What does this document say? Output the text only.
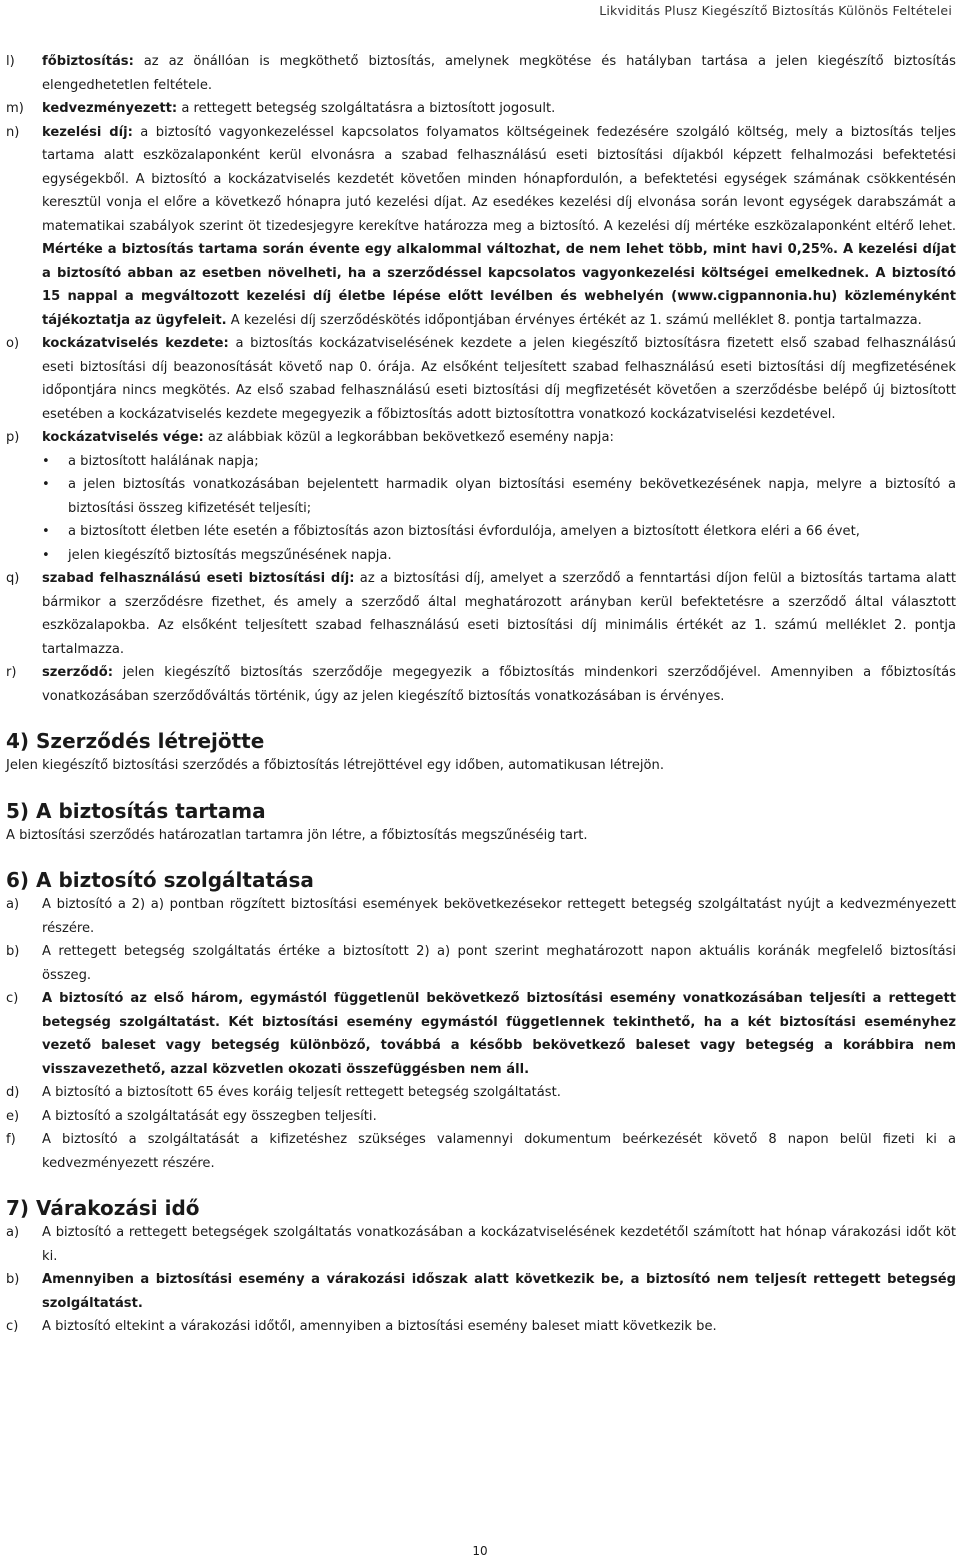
Likviditás Plusz Kiegészítő Biztosítás Különös Feltételei
l)	főbiztosítás: az az önállóan is megköthető biztosítás, amelynek megkötése és hatályban tartása a jelen kiegészítő biztosítás elengedhetetlen feltétele.
m)	kedvezményezett: a rettegett betegség szolgáltatásra a biztosított jogosult.
n)	kezelési díj: a biztosító vagyonkezeléssel kapcsolatos folyamatos költségeinek fedezésére szolgáló költség, mely a biztosítás teljes tartama alatt eszközalaponként kerül elvonásra a szabad felhasználású eseti biztosítási díjakból képzett felhalmozási befektetési egységekből. A biztosító a kockázatviselés kezdetét követően minden hónapfordulón, a befektetési egységek számának csökkentésén keresztül vonja el előre a következő hónapra jutó kezelési díjat. Az esedékes kezelési díj elvonása során levont egységek darabszámát a matematikai szabályok szerint öt tizedesjegyre kerekítve határozza meg a biztosító. A kezelési díj mértéke eszközalaponként eltérő lehet. Mértéke a biztosítás tartama során évente egy alkalommal változhat, de nem lehet több, mint havi 0,25%. A kezelési díjat a biztosító abban az esetben növelheti, ha a szerződéssel kapcsolatos vagyonkezelési költségei emelkednek. A biztosító 15 nappal a megváltozott kezelési díj életbe lépése előtt levélben és webhelyén (www.cigpannonia.hu) közleményként tájékoztatja az ügyfeleit. A kezelési díj szerződéskötés időpontjában érvényes értékét az 1. számú melléklet 8. pontja tartalmazza.
o)	kockázatviselés kezdete: a biztosítás kockázatviselésének kezdete a jelen kiegészítő biztosításra fizetett első szabad felhasználású eseti biztosítási díj beazonosítását követő nap 0. órája. Az elsőként teljesített szabad felhasználású eseti biztosítási díj megfizetésének időpontjára nincs megkötés. Az első szabad felhasználású eseti biztosítási díj megfizetését követően a szerződésbe belépő új biztosított esetében a kockázatviselés kezdete megegyezik a főbiztosítás adott biztosítottra vonatkozó kockázatviselési kezdetével.
p)	kockázatviselés vége: az alábbiak közül a legkorábban bekövetkező esemény napja:
•	a biztosított halálának napja;
•	a jelen biztosítás vonatkozásában bejelentett harmadik olyan biztosítási esemény bekövetkezésének napja, melyre a biztosító a biztosítási összeg kifizetését teljesíti;
•	a biztosított életben léte esetén a főbiztosítás azon biztosítási évfordulója, amelyen a biztosított életkora eléri a 66 évet,
•	jelen kiegészítő biztosítás megszűnésének napja.
q)	szabad felhasználású eseti biztosítási díj: az a biztosítási díj, amelyet a szerződő a fenntartási díjon felül a biztosítás tartama alatt bármikor a szerződésre fizethet, és amely a szerződő által meghatározott arányban kerül befektetésre a szerződő által választott eszközalapokba. Az elsőként teljesített szabad felhasználású eseti biztosítási díj minimális értékét az 1. számú melléklet 2. pontja tartalmazza.
r)	szerződő: jelen kiegészítő biztosítás szerződője megegyezik a főbiztosítás mindenkori szerződőjével. Amennyiben a főbiztosítás vonatkozásában szerződőváltás történik, úgy az jelen kiegészítő biztosítás vonatkozásában is érvényes.
4) Szerződés létrejötte
Jelen kiegészítő biztosítási szerződés a főbiztosítás létrejöttével egy időben, automatikusan létrejön.
5) A biztosítás tartama
A biztosítási szerződés határozatlan tartamra jön létre, a főbiztosítás megszűnéséig tart.
6) A biztosító szolgáltatása
a)	A biztosító a 2) a) pontban rögzített biztosítási események bekövetkezésekor rettegett betegség szolgáltatást nyújt a kedvezményezett részére.
b)	A rettegett betegség szolgáltatás értéke a biztosított 2) a) pont szerint meghatározott napon aktuális koránák megfelelő biztosítási összeg.
c)	A biztosító az első három, egymástól függetlenül bekövetkező biztosítási esemény vonatkozásában teljesíti a rettegett betegség szolgáltatást. Két biztosítási esemény egymástól függetlennek tekinthető, ha a két biztosítási eseményhez vezető baleset vagy betegség különböző, továbbá a később bekövetkező baleset vagy betegség a korábbira nem visszavezethető, azzal közvetlen okozati összefüggésben nem áll.
d)	A biztosító a biztosított 65 éves koráig teljesít rettegett betegség szolgáltatást.
e)	A biztosító a szolgáltatását egy összegben teljesíti.
f)	A biztosító a szolgáltatását a kifizetéshez szükséges valamennyi dokumentum beérkezését követő 8 napon belül fizeti ki a kedvezményezett részére.
7) Várakozási idő
a)	A biztosító a rettegett betegségek szolgáltatás vonatkozásában a kockázatviselésének kezdetétől számított hat hónap várakozási időt köt ki.
b)	Amennyiben a biztosítási esemény a várakozási időszak alatt következik be, a biztosító nem teljesít rettegett betegség szolgáltatást.
c)	A biztosító eltekint a várakozási időtől, amennyiben a biztosítási esemény baleset miatt következik be.
10
